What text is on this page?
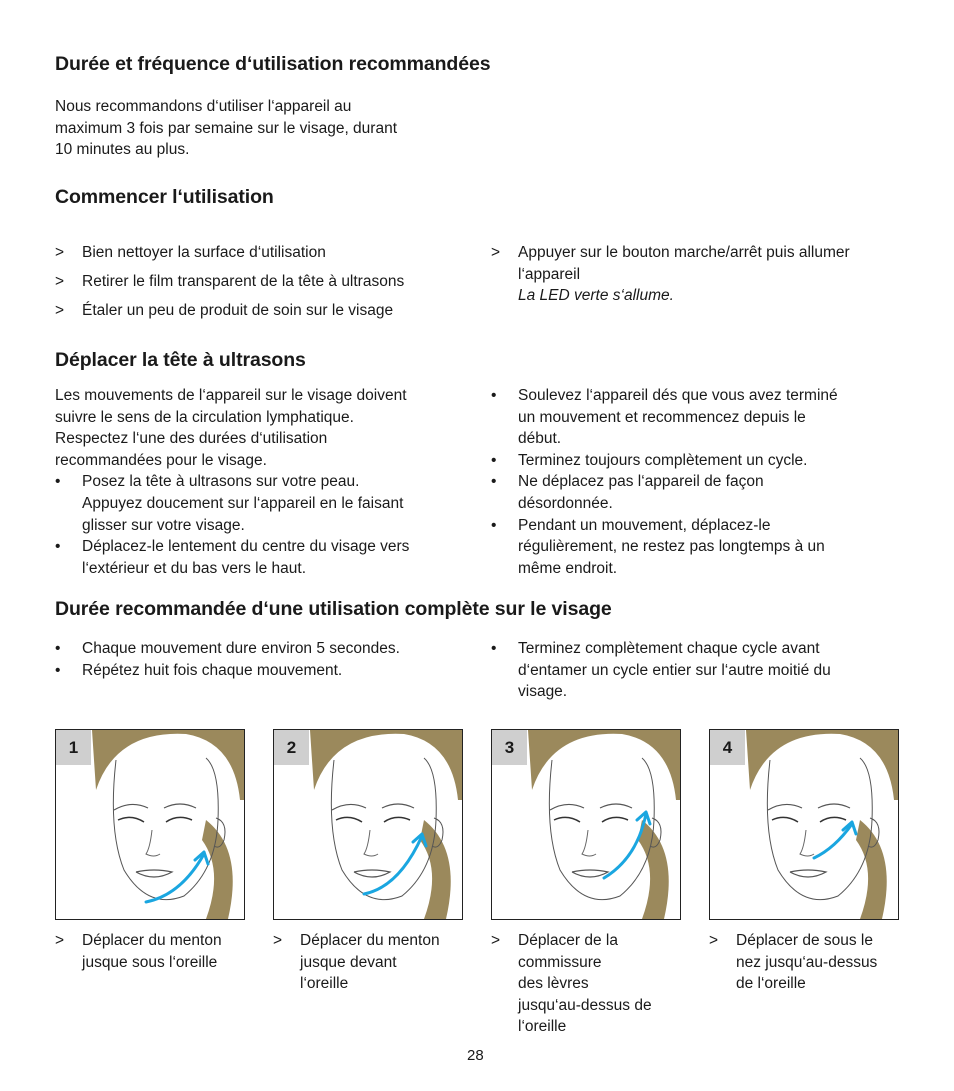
Durée et fréquence d‘utilisation recommandées
Nous recommandons d‘utiliser l‘appareil au
maximum 3 fois par semaine sur le visage, durant
10 minutes au plus.
Commencer l‘utilisation
> Bien nettoyer la surface d‘utilisation
> Retirer le film transparent de la tête à ultrasons
> Étaler un peu de produit de soin sur le visage
> Appuyer sur le bouton marche/arrêt puis allumer
l‘appareil
La LED verte s‘allume.
Déplacer la tête à ultrasons
Les mouvements de l‘appareil sur le visage doivent
suivre le sens de la circulation lymphatique.
Respectez l‘une des durées d‘utilisation
recommandées pour le visage.
• Posez la tête à ultrasons sur votre peau.
Appuyez doucement sur l‘appareil en le faisant
glisser sur votre visage.
• Déplacez-le lentement du centre du visage vers
l‘extérieur et du bas vers le haut.
• Soulevez l‘appareil dés que vous avez terminé
un mouvement et recommencez depuis le
début.
• Terminez toujours complètement un cycle.
• Ne déplacez pas l‘appareil de façon
désordonnée.
• Pendant un mouvement, déplacez-le
régulièrement, ne restez pas longtemps à un
même endroit.
Durée recommandée d‘une utilisation complète sur le visage
• Chaque mouvement dure environ 5 secondes.
• Répétez huit fois chaque mouvement.
• Terminez complètement chaque cycle avant
d‘entamer un cycle entier sur l‘autre moitié du
visage.
1	2	3	4
> Déplacer du menton
jusque sous l‘oreille
> Déplacer du menton
jusque devant
l‘oreille
> Déplacer de la
commissure
des lèvres
jusqu‘au-dessus de
l‘oreille
> Déplacer de sous le
nez jusqu‘au-dessus
de l‘oreille
28
